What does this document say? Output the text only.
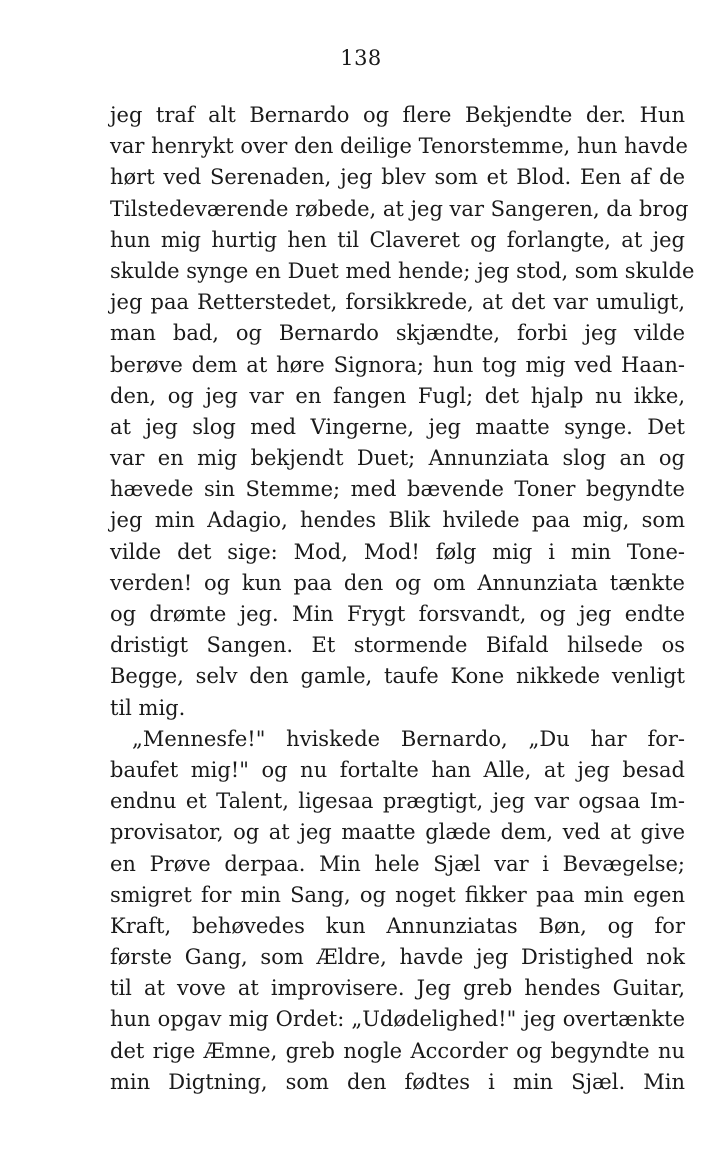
138
jeg traf alt Bernardo og flere Bekjendte der. Hun
var henrykt over den deilige Tenorstemme, hun havde
hørt ved Serenaden, jeg blev som et Blod. Een af de
Tilstedeværende røbede, at jeg var Sangeren, da brog
hun mig hurtig hen til Claveret og forlangte, at jeg
skulde synge en Duet med hende; jeg stod, som skulde
jeg paa Retterstedet, forsikkrede, at det var umuligt,
man bad, og Bernardo skjændte, forbi jeg vilde
berøve dem at høre Signora; hun tog mig ved Haan-
den, og jeg var en fangen Fugl; det hjalp nu ikke,
at jeg slog med Vingerne, jeg maatte synge. Det
var en mig bekjendt Duet; Annunziata slog an og
hævede sin Stemme; med bævende Toner begyndte
jeg min Adagio, hendes Blik hvilede paa mig, som
vilde det sige: Mod, Mod! følg mig i min Tone-
verden! og kun paa den og om Annunziata tænkte
og drømte jeg. Min Frygt forsvandt, og jeg endte
dristigt Sangen. Et stormende Bifald hilsede os
Begge, selv den gamle, taufe Kone nikkede venligt
til mig.
„Mennesfe!" hviskede Bernardo, „Du har for-
baufet mig!" og nu fortalte han Alle, at jeg besad
endnu et Talent, ligesaa prægtigt, jeg var ogsaa Im-
provisator, og at jeg maatte glæde dem, ved at give
en Prøve derpaa. Min hele Sjæl var i Bevægelse;
smigret for min Sang, og noget fikker paa min egen
Kraft, behøvedes kun Annunziatas Bøn, og for
første Gang, som Ældre, havde jeg Dristighed nok
til at vove at improvisere. Jeg greb hendes Guitar,
hun opgav mig Ordet: „Udødelighed!" jeg overtænkte
det rige Æmne, greb nogle Accorder og begyndte nu
min Digtning, som den fødtes i min Sjæl. Min
